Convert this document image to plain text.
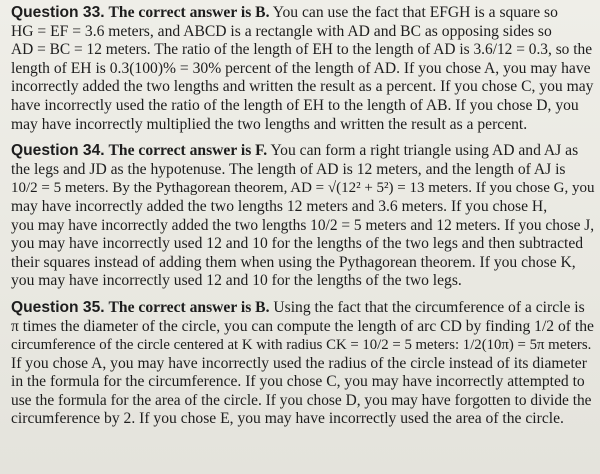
Question 33. The correct answer is B. You can use the fact that EFGH is a square so
HG = EF = 3.6 meters, and ABCD is a rectangle with AD and BC as opposing sides so
AD = BC = 12 meters. The ratio of the length of EH to the length of AD is 3.6/12 = 0.3, so the
length of EH is 0.3(100)% = 30% percent of the length of AD. If you chose A, you may have
incorrectly added the two lengths and written the result as a percent. If you chose C, you may
have incorrectly used the ratio of the length of EH to the length of AB. If you chose D, you
may have incorrectly multiplied the two lengths and written the result as a percent.
Question 34. The correct answer is F. You can form a right triangle using AD and AJ as
the legs and JD as the hypotenuse. The length of AD is 12 meters, and the length of AJ is
10/2 = 5 meters. By the Pythagorean theorem, AD = √(12² + 5²) = 13 meters. If you chose G, you
may have incorrectly added the two lengths 12 meters and 3.6 meters. If you chose H,
you may have incorrectly added the two lengths 10/2 = 5 meters and 12 meters. If you chose J,
you may have incorrectly used 12 and 10 for the lengths of the two legs and then subtracted
their squares instead of adding them when using the Pythagorean theorem. If you chose K,
you may have incorrectly used 12 and 10 for the lengths of the two legs.
Question 35. The correct answer is B. Using the fact that the circumference of a circle is
π times the diameter of the circle, you can compute the length of arc CD by finding 1/2 of the
circumference of the circle centered at K with radius CK = 10/2 = 5 meters: 1/2(10π) = 5π meters.
If you chose A, you may have incorrectly used the radius of the circle instead of its diameter
in the formula for the circumference. If you chose C, you may have incorrectly attempted to
use the formula for the area of the circle. If you chose D, you may have forgotten to divide the
circumference by 2. If you chose E, you may have incorrectly used the area of the circle.
